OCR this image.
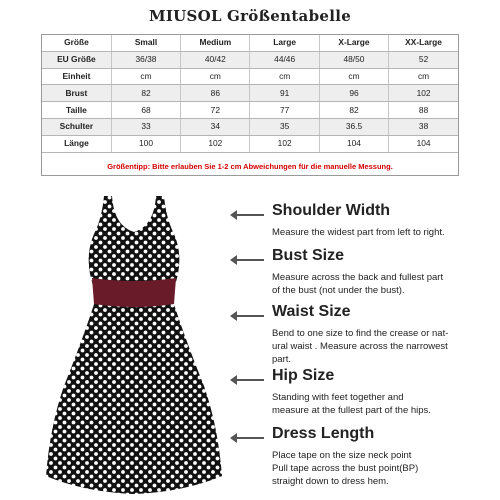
MIUSOL Größentabelle
Größe	Small	Medium	Large	X-Large	XX-Large
EU Größe	36/38	40/42	44/46	48/50	52
Einheit	cm	cm	cm	cm	cm
Brust	82	86	91	96	102
Taille	68	72	77	82	88
Schulter	33	34	35	36.5	38
Länge	100	102	102	104	104
Größentipp: Bitte erlauben Sie 1-2 cm Abweichungen für die manuelle Messung.
Shoulder Width
Measure the widest part from left to right.
Bust Size
Measure across the back and fullest part
of the bust (not under the bust).
Waist Size
Bend to one size to find the crease or nat-
ural waist . Measure across the narrowest
part.
Hip Size
Standing with feet together and
measure at the fullest part of the hips.
Dress Length
Place tape on the size neck point
Pull tape across the bust point(BP)
straight down to dress hem.
